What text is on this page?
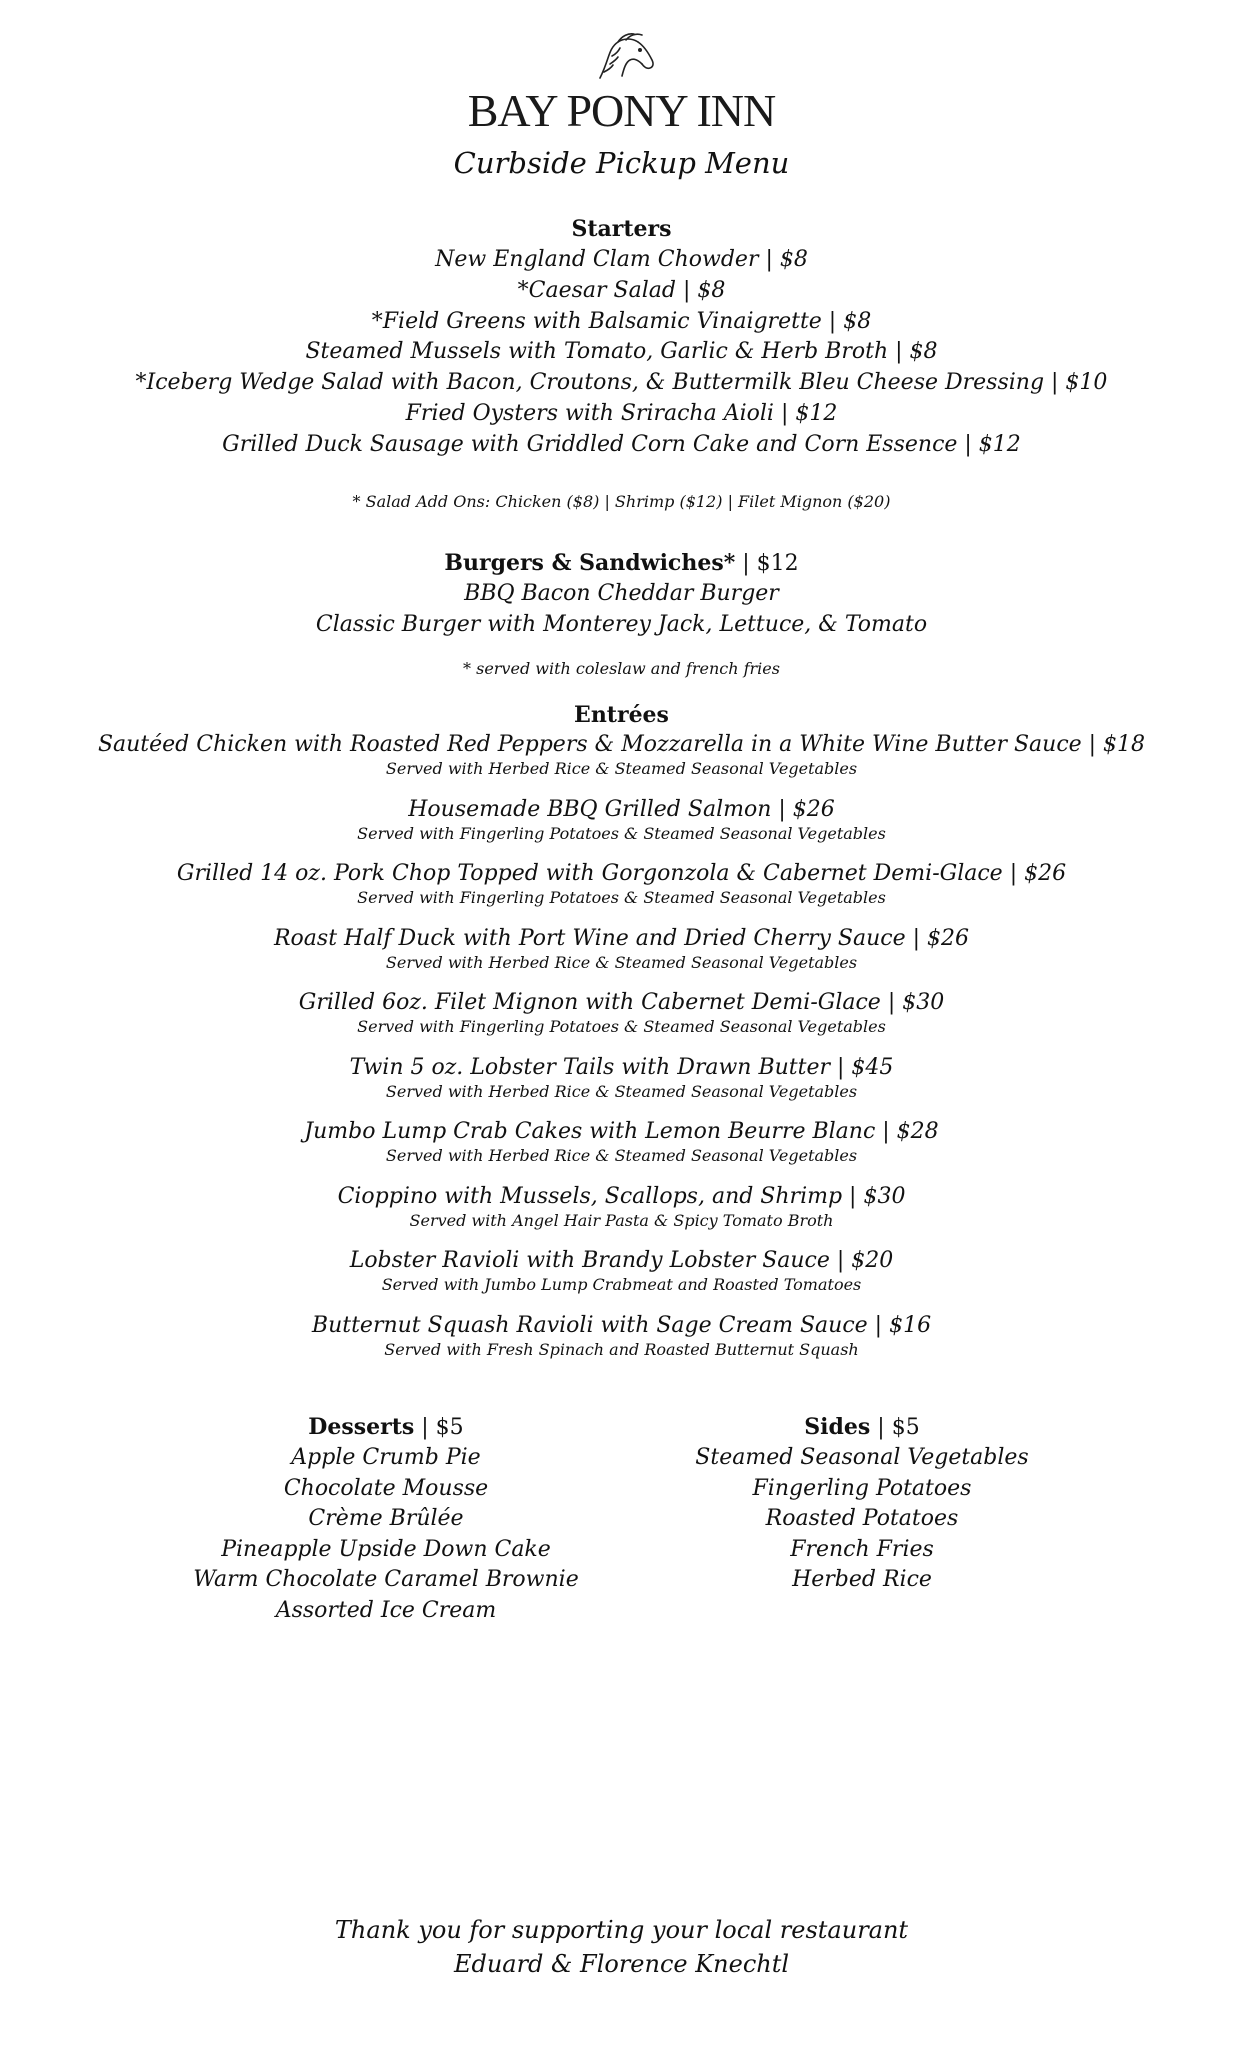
BAY PONY INN
Curbside Pickup Menu
Starters
New England Clam Chowder | $8
*Caesar Salad | $8
*Field Greens with Balsamic Vinaigrette | $8
Steamed Mussels with Tomato, Garlic & Herb Broth | $8
*Iceberg Wedge Salad with Bacon, Croutons, & Buttermilk Bleu Cheese Dressing | $10
Fried Oysters with Sriracha Aioli | $12
Grilled Duck Sausage with Griddled Corn Cake and Corn Essence | $12
* Salad Add Ons: Chicken ($8) | Shrimp ($12) | Filet Mignon ($20)
Burgers & Sandwiches* | $12
BBQ Bacon Cheddar Burger
Classic Burger with Monterey Jack, Lettuce, & Tomato
* served with coleslaw and french fries
Entrées
Sautéed Chicken with Roasted Red Peppers & Mozzarella in a White Wine Butter Sauce | $18
Served with Herbed Rice & Steamed Seasonal Vegetables
Housemade BBQ Grilled Salmon | $26
Served with Fingerling Potatoes & Steamed Seasonal Vegetables
Grilled 14 oz. Pork Chop Topped with Gorgonzola & Cabernet Demi-Glace | $26
Served with Fingerling Potatoes & Steamed Seasonal Vegetables
Roast Half Duck with Port Wine and Dried Cherry Sauce | $26
Served with Herbed Rice & Steamed Seasonal Vegetables
Grilled 6oz. Filet Mignon with Cabernet Demi-Glace | $30
Served with Fingerling Potatoes & Steamed Seasonal Vegetables
Twin 5 oz. Lobster Tails with Drawn Butter | $45
Served with Herbed Rice & Steamed Seasonal Vegetables
Jumbo Lump Crab Cakes with Lemon Beurre Blanc | $28
Served with Herbed Rice & Steamed Seasonal Vegetables
Cioppino with Mussels, Scallops, and Shrimp | $30
Served with Angel Hair Pasta & Spicy Tomato Broth
Lobster Ravioli with Brandy Lobster Sauce | $20
Served with Jumbo Lump Crabmeat and Roasted Tomatoes
Butternut Squash Ravioli with Sage Cream Sauce | $16
Served with Fresh Spinach and Roasted Butternut Squash
Desserts | $5
Apple Crumb Pie
Chocolate Mousse
Crème Brûlée
Pineapple Upside Down Cake
Warm Chocolate Caramel Brownie
Assorted Ice Cream
Sides | $5
Steamed Seasonal Vegetables
Fingerling Potatoes
Roasted Potatoes
French Fries
Herbed Rice
Thank you for supporting your local restaurant
Eduard & Florence Knechtl
